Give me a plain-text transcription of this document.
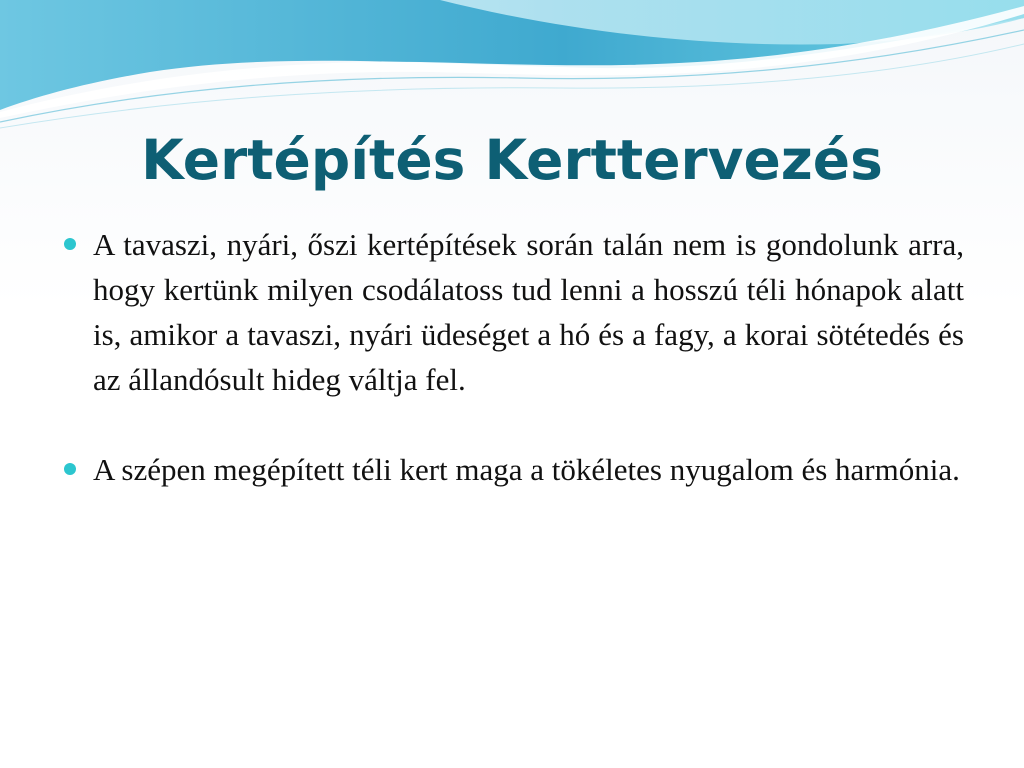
Kertépítés Kerttervezés
A tavaszi, nyári, őszi kertépítések során talán nem is gondolunk arra, hogy kertünk milyen csodálatoss tud lenni a hosszú téli hónapok alatt is, amikor a tavaszi, nyári üdeséget a hó és a fagy, a korai sötétedés és az állandósult hideg váltja fel.
A szépen megépített téli kert maga a tökéletes nyugalom és harmónia.
